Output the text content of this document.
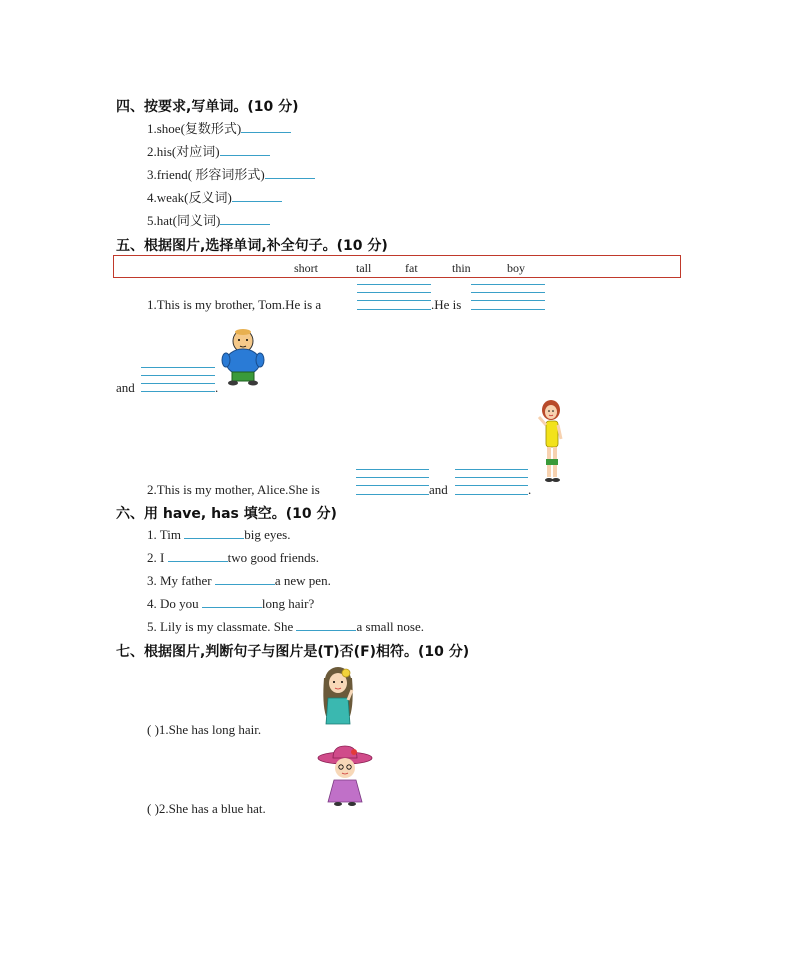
四、按要求,写单词。(10 分)
1.shoe(复数形式)
2.his(对应词)
3.friend( 形容词形式)
4.weak(反义词)
5.hat(同义词)
五、根据图片,选择单词,补全句子。(10 分)
short	tall	fat	thin	boy
1.This is my brother, Tom.He is a	.He is
and	.
2.This is my mother, Alice.She is	and	.
六、用 have, has 填空。(10 分)
1. Tim	big eyes.
2. I	two good friends.
3. My father	a new pen.
4. Do you	long hair?
5. Lily is my classmate. She	a small nose.
七、根据图片,判断句子与图片是(T)否(F)相符。(10 分)
( )1.She has long hair.
( )2.She has a blue hat.
